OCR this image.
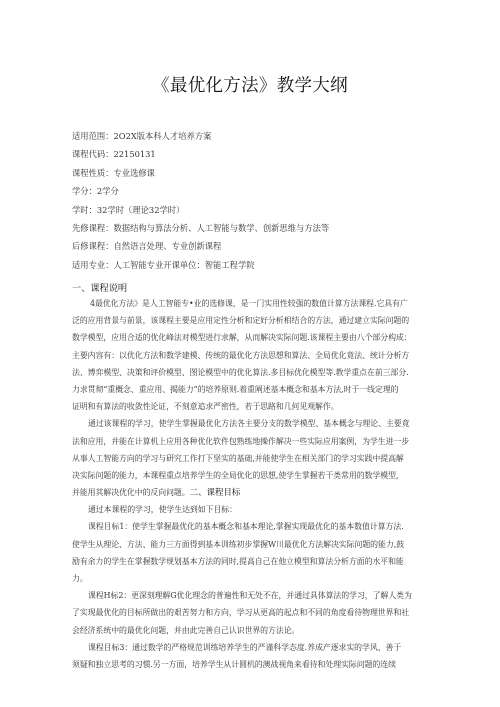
《最优化方法》教学大纲
适用范围：2O2X版本科人才培养方案
课程代码：22150131
课程性质：专业选修课
学分：2学分
学时：32学时（理论32学时）
先修课程：数据结构与算法分析、人工智能与数学、创新思维与方法等
后修课程：自然语言处理、专业创新课程
适用专业：人工智能专业开课单位：智能工程学院
一、课程说明
4最优化方法》是人工智能专•业的选修课，是一门实用性较强的数值计算方法课程.它具有广
泛的应用背景与前景，该课程主要是应用定性分析和定好分析相结合的方法，通过建立实际问题的
数学模型，应用合适的优化峰法对模型进行求解，从而解决实际问题.该课程主要由八个部分构成：
主要内容有：以优化方法和数学建模、传统的最优化方法思想和算法、全局优化竟法、统计分析方
法、博弈模型、决策和评价模型、图论模型中的优化算法.多目标优化模型等.教学重点在前三部分.
力求贯彻“重概念、重应用、揭能力”的培养原则.着重阐述基本概念和基本方法,时于一线定理的
证明和有算法的收敛性论证，不刻意追求严密性，若于思路和几何见观解作。
通过该课程的学习，使学生掌握最优化方法各主要分支的数学模型、基本概念与理论、主要竟
法和应用，并能在计算机上应用各种优化软件包熟练地操作解决一些实际应用案例，为学生进一步
从事人工智能方向的学习与研究工作打下坚实的基础,并能使学生在相关部门的学习实践中提高解
决实际问题的能力，本课程重点培养学生的全局优化的思想,使学生掌握若干类常用的数学模型，
并能用其解决优化中的反向问题。二、课程目标
通过本课程的学习，使学生达到如下目标：
课程目标1：使学生掌握最优化的基本概念和基本理论,掌握实现最优化的基本数值计算方法.
使学生从理论、方法、能力三方面得到基本训练初步掌握W川最优化方法解决实际问题的能力,鼓
励有余力的学生在掌握数学规划基本方法的同时,提高自己在他立模型和算法分析方面的水平和能
力。
课程H标2：更深刻理解G优化理念的普遍性和无处不在，并通过具体算法的学习，了解人类为
了实现最优化的目标所做出的艰苦努力和方向，学习从更高的起点和不同的角度看待物理世界和社
会经济系统中的最优化问题，并由此完善自己认识世界的方法论。
课程目标3：通过数学的严格规范训练培养学生的严谨科学态度.养成产逐求实的学风、善于
须疑和独立思考的习惯.另一方面，培养学生从计圆机的澳战视角来看待和处理实际问题的连续
